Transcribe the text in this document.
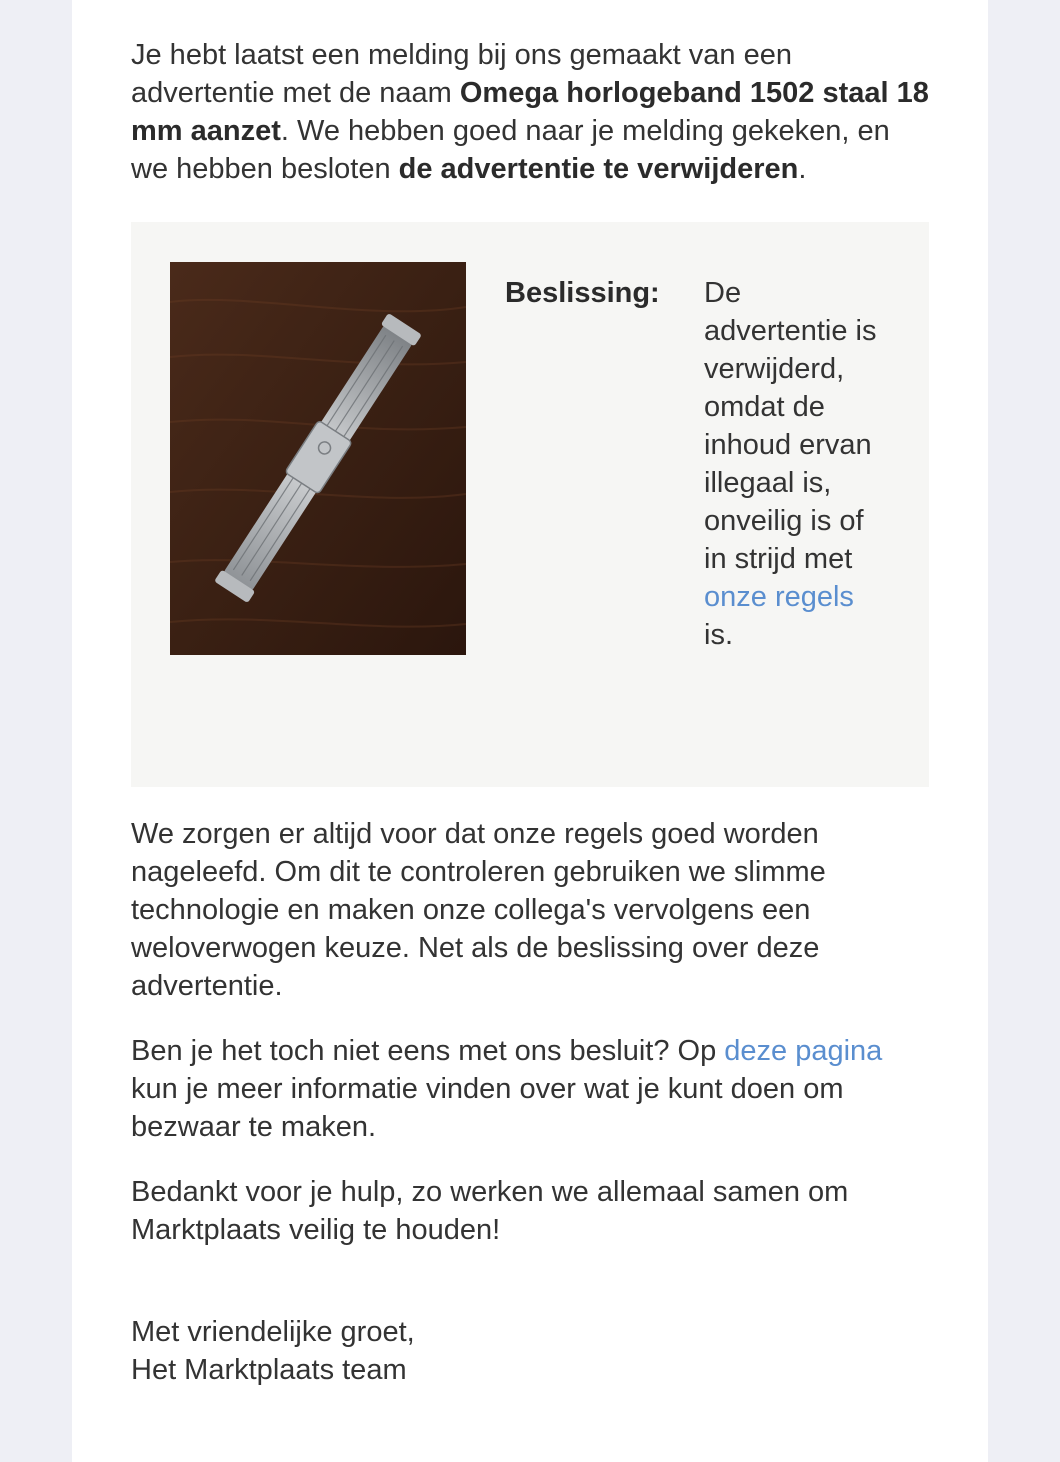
Je hebt laatst een melding bij ons gemaakt van een advertentie met de naam Omega horlogeband 1502 staal 18 mm aanzet. We hebben goed naar je melding gekeken, en we hebben besloten de advertentie te verwijderen.

Beslissing: De advertentie is verwijderd, omdat de inhoud ervan illegaal is, onveilig is of in strijd met onze regels is.

We zorgen er altijd voor dat onze regels goed worden nageleefd. Om dit te controleren gebruiken we slimme technologie en maken onze collega's vervolgens een weloverwogen keuze. Net als de beslissing over deze advertentie.

Ben je het toch niet eens met ons besluit? Op deze pagina kun je meer informatie vinden over wat je kunt doen om bezwaar te maken.

Bedankt voor je hulp, zo werken we allemaal samen om Marktplaats veilig te houden!

Met vriendelijke groet,
Het Marktplaats team
